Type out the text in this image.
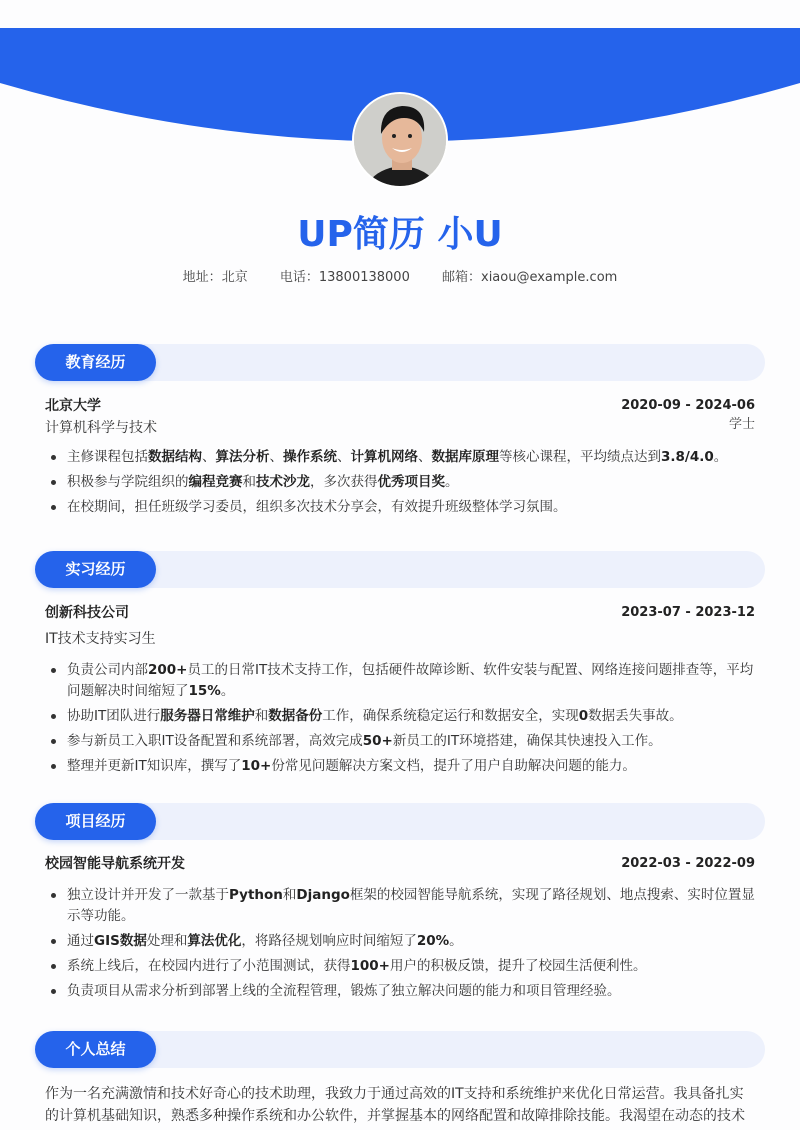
UP简历 小U
地址：北京 电话：13800138000 邮箱：xiaou@example.com
教育经历
北京大学	2020-09 - 2024-06
计算机科学与技术	学士
主修课程包括数据结构、算法分析、操作系统、计算机网络、数据库原理等核心课程，平均绩点达到3.8/4.0。
积极参与学院组织的编程竞赛和技术沙龙，多次获得优秀项目奖。
在校期间，担任班级学习委员，组织多次技术分享会，有效提升班级整体学习氛围。
实习经历
创新科技公司	2023-07 - 2023-12
IT技术支持实习生
负责公司内部200+员工的日常IT技术支持工作，包括硬件故障诊断、软件安装与配置、网络连接问题排查等，平均问题解决时间缩短了15%。
协助IT团队进行服务器日常维护和数据备份工作，确保系统稳定运行和数据安全，实现0数据丢失事故。
参与新员工入职IT设备配置和系统部署，高效完成50+新员工的IT环境搭建，确保其快速投入工作。
整理并更新IT知识库，撰写了10+份常见问题解决方案文档，提升了用户自助解决问题的能力。
项目经历
校园智能导航系统开发	2022-03 - 2022-09
独立设计并开发了一款基于Python和Django框架的校园智能导航系统，实现了路径规划、地点搜索、实时位置显示等功能。
通过GIS数据处理和算法优化，将路径规划响应时间缩短了20%。
系统上线后，在校园内进行了小范围测试，获得100+用户的积极反馈，提升了校园生活便利性。
负责项目从需求分析到部署上线的全流程管理，锻炼了独立解决问题的能力和项目管理经验。
个人总结
作为一名充满激情和技术好奇心的技术助理，我致力于通过高效的IT支持和系统维护来优化日常运营。我具备扎实的计算机基础知识，熟悉多种操作系统和办公软件，并掌握基本的网络配置和故障排除技能。我渴望在动态的技术
